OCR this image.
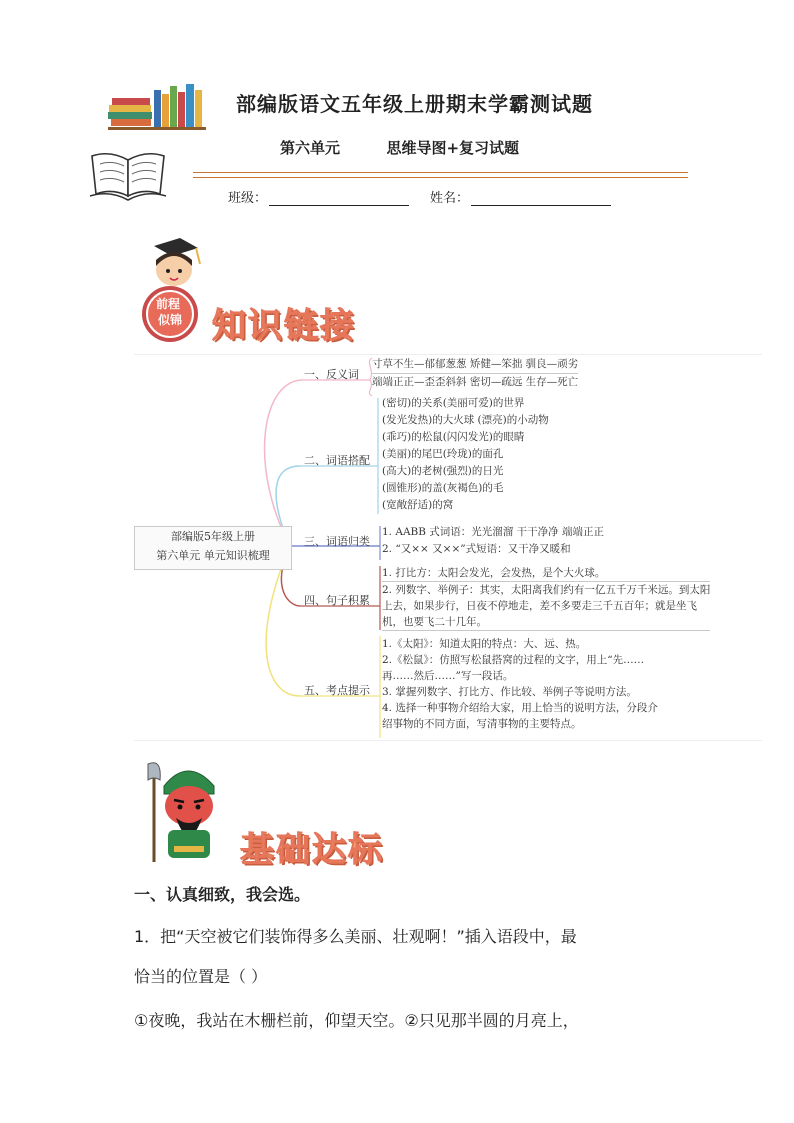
部编版语文五年级上册期末学霸测试题
第六单元	思维导图+复习试题
班级：	姓名：
前程
似锦 知识链接
部编版5年级上册
第六单元 单元知识梳理
一、反义词
二、词语搭配
三、词语归类
四、句子积累
五、考点提示
寸草不生—郁郁葱葱 矫健—笨拙 驯良—顽劣
端端正正—歪歪斜斜 密切—疏远 生存—死亡
(密切)的关系(美丽可爱)的世界
(发光发热)的大火球 (漂亮)的小动物
(乖巧)的松鼠(闪闪发光)的眼睛
(美丽)的尾巴(玲珑)的面孔
(高大)的老树(强烈)的日光
(圆锥形)的盖(灰褐色)的毛
(宽敞舒适)的窝
1. AABB 式词语：光光溜溜 干干净净 端端正正
2. “又×× 又××”式短语：又干净又暖和
1. 打比方：太阳会发光，会发热，是个大火球。
2. 列数字、举例子：其实，太阳离我们约有一亿五千万千米远。到太阳
上去，如果步行，日夜不停地走，差不多要走三千五百年；就是坐飞
机，也要飞二十几年。
1.《太阳》：知道太阳的特点：大、远、热。
2.《松鼠》：仿照写松鼠搭窝的过程的文字，用上“先……
再……然后……”写一段话。
3. 掌握列数字、打比方、作比较、举例子等说明方法。
4. 选择一种事物介绍给大家，用上恰当的说明方法，分段介
绍事物的不同方面，写清事物的主要特点。
基础达标
一、认真细致，我会选。
1．把“天空被它们装饰得多么美丽、壮观啊！”插入语段中，最
恰当的位置是（ ）
①夜晚，我站在木栅栏前，仰望天空。②只见那半圆的月亮上，
